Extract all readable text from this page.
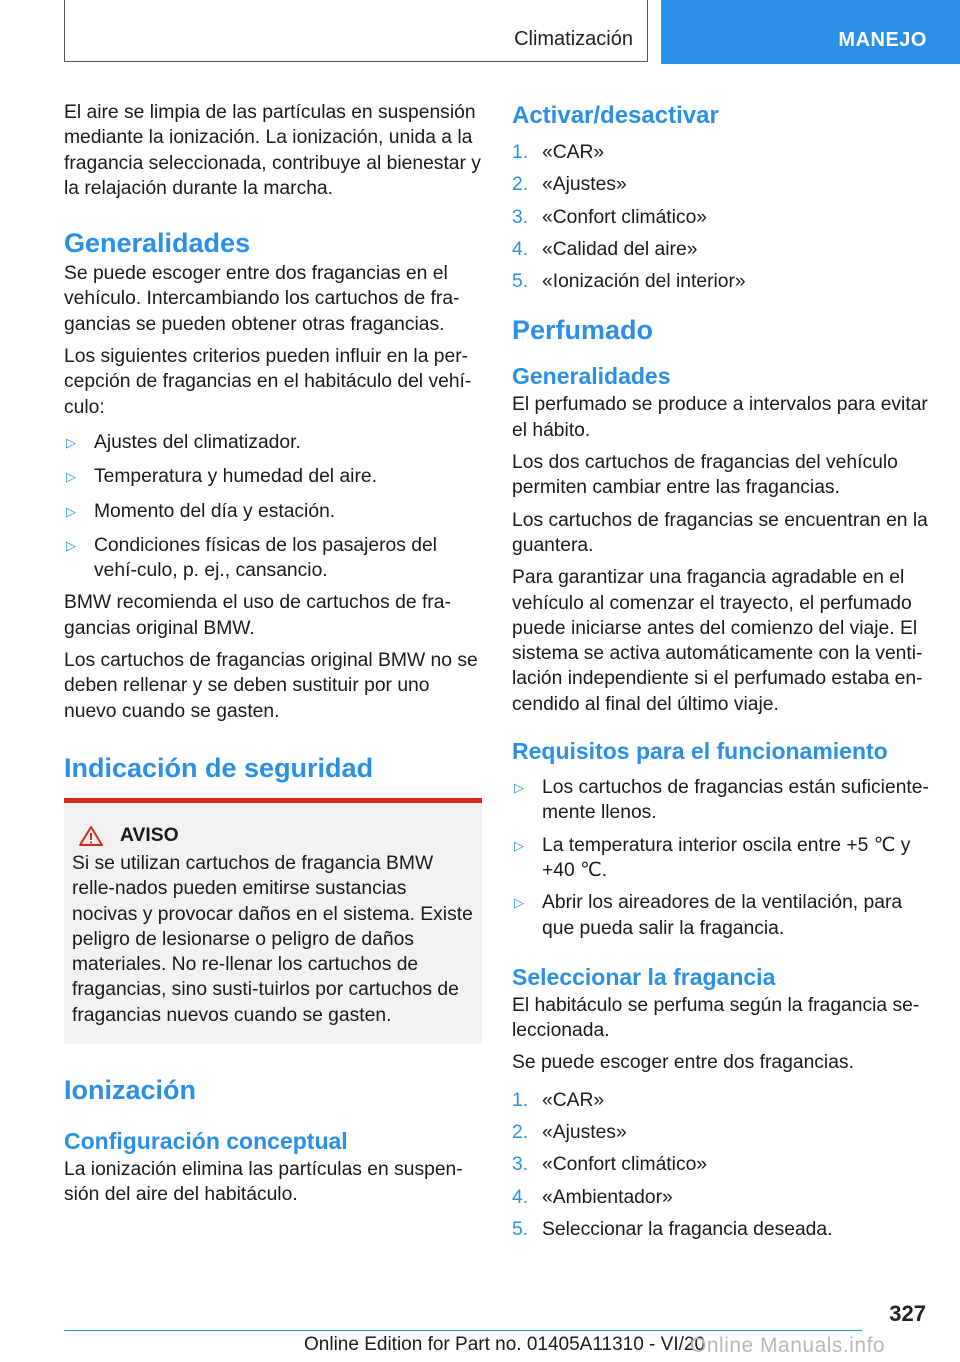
Climatización	MANEJO

El aire se limpia de las partículas en suspensión mediante la ionización. La ionización, unida a la fragancia seleccionada, contribuye al bienestar y la relajación durante la marcha.

Generalidades

Se puede escoger entre dos fragancias en el vehículo. Intercambiando los cartuchos de fra-gancias se pueden obtener otras fragancias.

Los siguientes criterios pueden influir en la per-cepción de fragancias en el habitáculo del vehí-culo:

▷ Ajustes del climatizador.
▷ Temperatura y humedad del aire.
▷ Momento del día y estación.
▷ Condiciones físicas de los pasajeros del vehí-culo, p. ej., cansancio.

BMW recomienda el uso de cartuchos de fra-gancias original BMW.

Los cartuchos de fragancias original BMW no se deben rellenar y se deben sustituir por uno nuevo cuando se gasten.

Indicación de seguridad
AVISO

Si se utilizan cartuchos de fragancia BMW relle-nados pueden emitirse sustancias nocivas y provocar daños en el sistema. Existe peligro de lesionarse o peligro de daños materiales. No re-llenar los cartuchos de fragancias, sino susti-tuirlos por cartuchos de fragancias nuevos cuando se gasten.

Ionización
Configuración conceptual

La ionización elimina las partículas en suspen-sión del aire del habitáculo.

Activar/desactivar
1. «CAR»
2. «Ajustes»
3. «Confort climático»
4. «Calidad del aire»
5. «Ionización del interior»
Perfumado
Generalidades

El perfumado se produce a intervalos para evitar el hábito.

Los dos cartuchos de fragancias del vehículo permiten cambiar entre las fragancias.

Los cartuchos de fragancias se encuentran en la guantera.

Para garantizar una fragancia agradable en el vehículo al comenzar el trayecto, el perfumado puede iniciarse antes del comienzo del viaje. El sistema se activa automáticamente con la venti-lación independiente si el perfumado estaba en-cendido al final del último viaje.

Requisitos para el funcionamiento
▷ Los cartuchos de fragancias están suficiente-mente llenos.
▷ La temperatura interior oscila entre +5 ℃ y +40 ℃.
▷ Abrir los aireadores de la ventilación, para que pueda salir la fragancia.
Seleccionar la fragancia

El habitáculo se perfuma según la fragancia se-leccionada.

Se puede escoger entre dos fragancias.

1. «CAR»
2. «Ajustes»
3. «Confort climático»
4. «Ambientador»
5. Seleccionar la fragancia deseada.
327
Online Edition for Part no. 01405A11310 - VI/20
Online Manuals.info
